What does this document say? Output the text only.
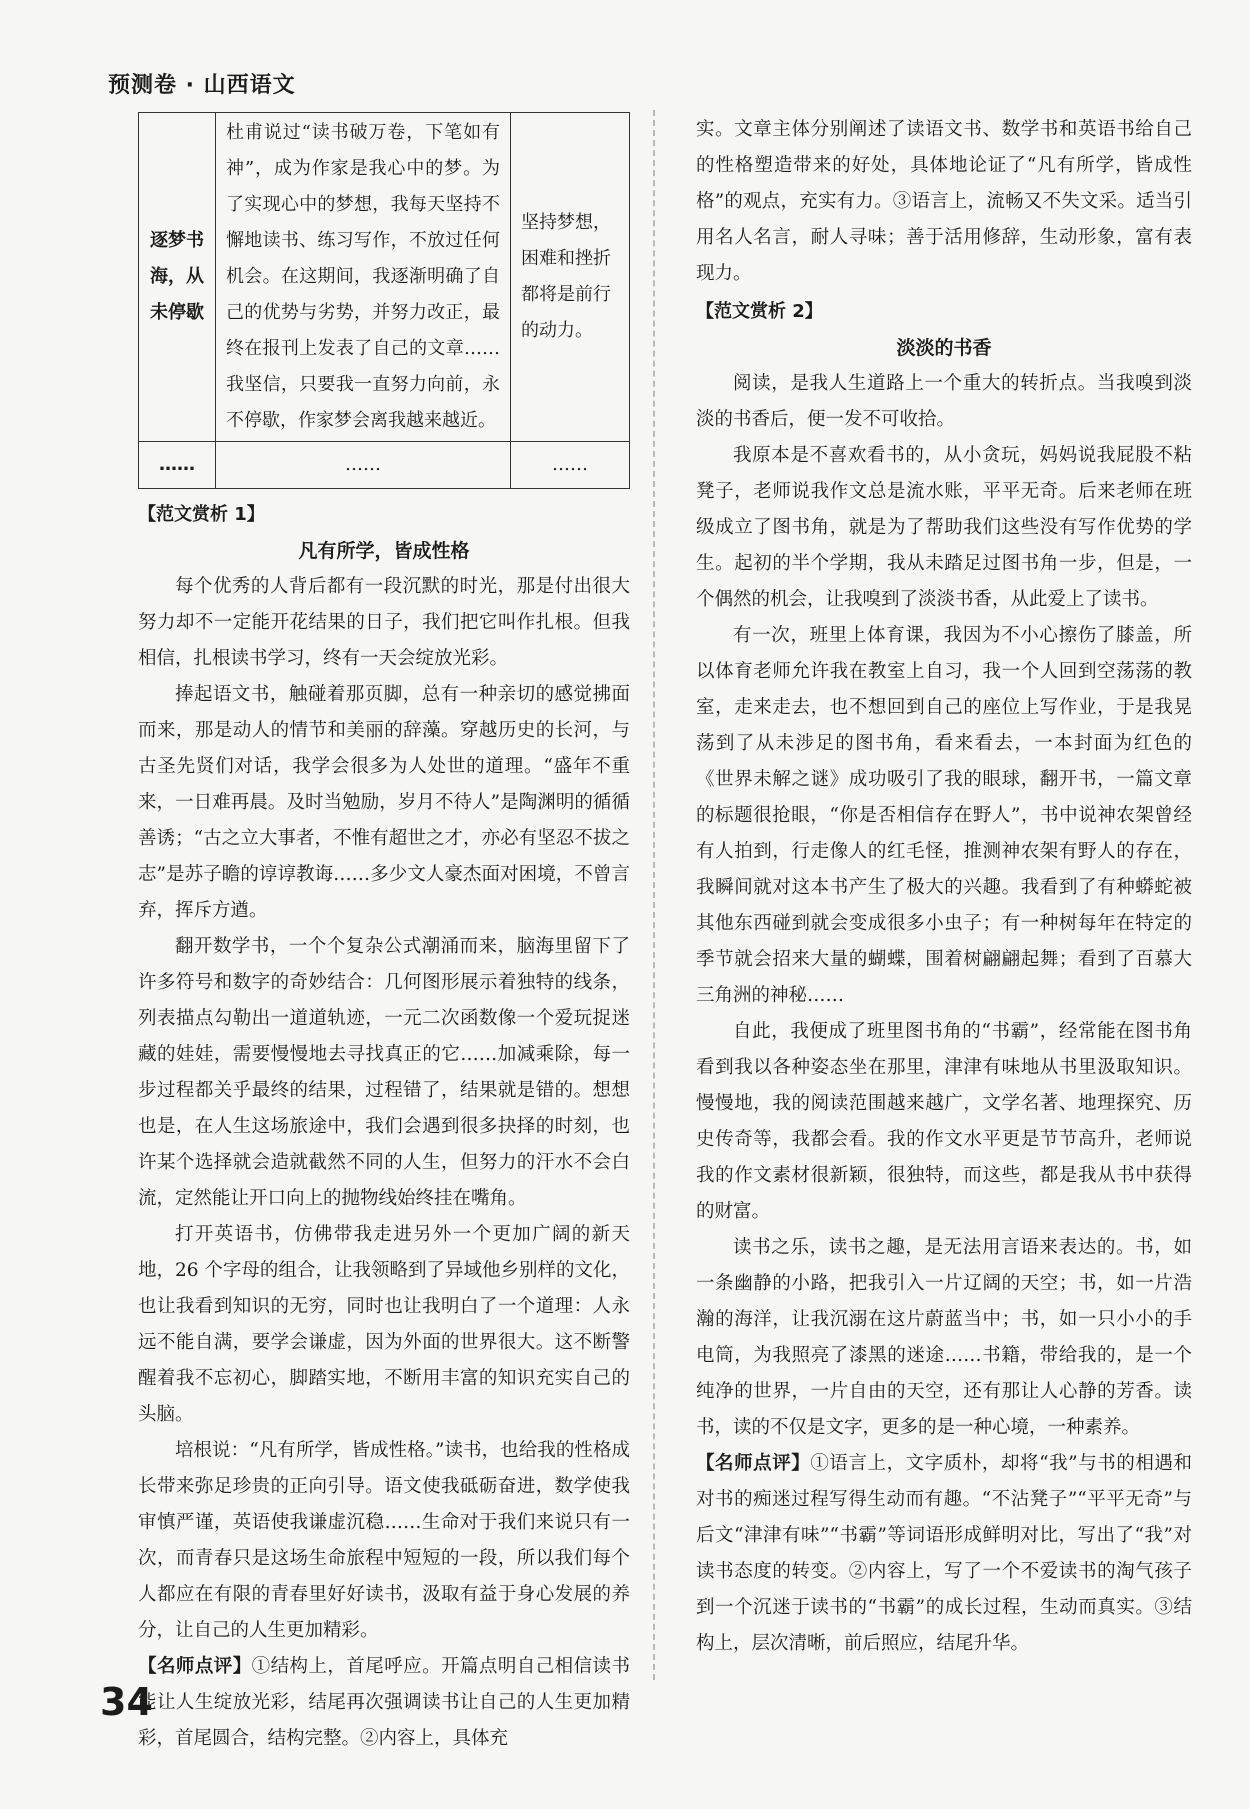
预测卷 · 山西语文
逐梦书海，从未停歇	杜甫说过“读书破万卷，下笔如有神”，成为作家是我心中的梦。为了实现心中的梦想，我每天坚持不懈地读书、练习写作，不放过任何机会。在这期间，我逐渐明确了自己的优势与劣势，并努力改正，最终在报刊上发表了自己的文章……我坚信，只要我一直努力向前，永不停歇，作家梦会离我越来越近。	坚持梦想，困难和挫折都将是前行的动力。
……	……	……
【范文赏析 1】
凡有所学，皆成性格

每个优秀的人背后都有一段沉默的时光，那是付出很大努力却不一定能开花结果的日子，我们把它叫作扎根。但我相信，扎根读书学习，终有一天会绽放光彩。

捧起语文书，触碰着那页脚，总有一种亲切的感觉拂面而来，那是动人的情节和美丽的辞藻。穿越历史的长河，与古圣先贤们对话，我学会很多为人处世的道理。“盛年不重来，一日难再晨。及时当勉励，岁月不待人”是陶渊明的循循善诱；“古之立大事者，不惟有超世之才，亦必有坚忍不拔之志”是苏子瞻的谆谆教诲……多少文人豪杰面对困境，不曾言弃，挥斥方遒。

翻开数学书，一个个复杂公式潮涌而来，脑海里留下了许多符号和数字的奇妙结合：几何图形展示着独特的线条，列表描点勾勒出一道道轨迹，一元二次函数像一个爱玩捉迷藏的娃娃，需要慢慢地去寻找真正的它……加减乘除，每一步过程都关乎最终的结果，过程错了，结果就是错的。想想也是，在人生这场旅途中，我们会遇到很多抉择的时刻，也许某个选择就会造就截然不同的人生，但努力的汗水不会白流，定然能让开口向上的抛物线始终挂在嘴角。

打开英语书，仿佛带我走进另外一个更加广阔的新天地，26 个字母的组合，让我领略到了异域他乡别样的文化，也让我看到知识的无穷，同时也让我明白了一个道理：人永远不能自满，要学会谦虚，因为外面的世界很大。这不断警醒着我不忘初心，脚踏实地，不断用丰富的知识充实自己的头脑。

培根说：“凡有所学，皆成性格。”读书，也给我的性格成长带来弥足珍贵的正向引导。语文使我砥砺奋进，数学使我审慎严谨，英语使我谦虚沉稳……生命对于我们来说只有一次，而青春只是这场生命旅程中短短的一段，所以我们每个人都应在有限的青春里好好读书，汲取有益于身心发展的养分，让自己的人生更加精彩。

【名师点评】①结构上，首尾呼应。开篇点明自己相信读书能让人生绽放光彩，结尾再次强调读书让自己的人生更加精彩，首尾圆合，结构完整。②内容上，具体充

实。文章主体分别阐述了读语文书、数学书和英语书给自己的性格塑造带来的好处，具体地论证了“凡有所学，皆成性格”的观点，充实有力。③语言上，流畅又不失文采。适当引用名人名言，耐人寻味；善于活用修辞，生动形象，富有表现力。

【范文赏析 2】
淡淡的书香

阅读，是我人生道路上一个重大的转折点。当我嗅到淡淡的书香后，便一发不可收拾。

我原本是不喜欢看书的，从小贪玩，妈妈说我屁股不粘凳子，老师说我作文总是流水账，平平无奇。后来老师在班级成立了图书角，就是为了帮助我们这些没有写作优势的学生。起初的半个学期，我从未踏足过图书角一步，但是，一个偶然的机会，让我嗅到了淡淡书香，从此爱上了读书。

有一次，班里上体育课，我因为不小心擦伤了膝盖，所以体育老师允许我在教室上自习，我一个人回到空荡荡的教室，走来走去，也不想回到自己的座位上写作业，于是我晃荡到了从未涉足的图书角，看来看去，一本封面为红色的《世界未解之谜》成功吸引了我的眼球，翻开书，一篇文章的标题很抢眼，“你是否相信存在野人”，书中说神农架曾经有人拍到，行走像人的红毛怪，推测神农架有野人的存在，我瞬间就对这本书产生了极大的兴趣。我看到了有种蟒蛇被其他东西碰到就会变成很多小虫子；有一种树每年在特定的季节就会招来大量的蝴蝶，围着树翩翩起舞；看到了百慕大三角洲的神秘……

自此，我便成了班里图书角的“书霸”，经常能在图书角看到我以各种姿态坐在那里，津津有味地从书里汲取知识。慢慢地，我的阅读范围越来越广，文学名著、地理探究、历史传奇等，我都会看。我的作文水平更是节节高升，老师说我的作文素材很新颖，很独特，而这些，都是我从书中获得的财富。

读书之乐，读书之趣，是无法用言语来表达的。书，如一条幽静的小路，把我引入一片辽阔的天空；书，如一片浩瀚的海洋，让我沉溺在这片蔚蓝当中；书，如一只小小的手电筒，为我照亮了漆黑的迷途……书籍，带给我的，是一个纯净的世界，一片自由的天空，还有那让人心静的芳香。读书，读的不仅是文字，更多的是一种心境，一种素养。

【名师点评】①语言上，文字质朴，却将“我”与书的相遇和对书的痴迷过程写得生动而有趣。“不沾凳子”“平平无奇”与后文“津津有味”“书霸”等词语形成鲜明对比，写出了“我”对读书态度的转变。②内容上，写了一个不爱读书的淘气孩子到一个沉迷于读书的“书霸”的成长过程，生动而真实。③结构上，层次清晰，前后照应，结尾升华。

34
